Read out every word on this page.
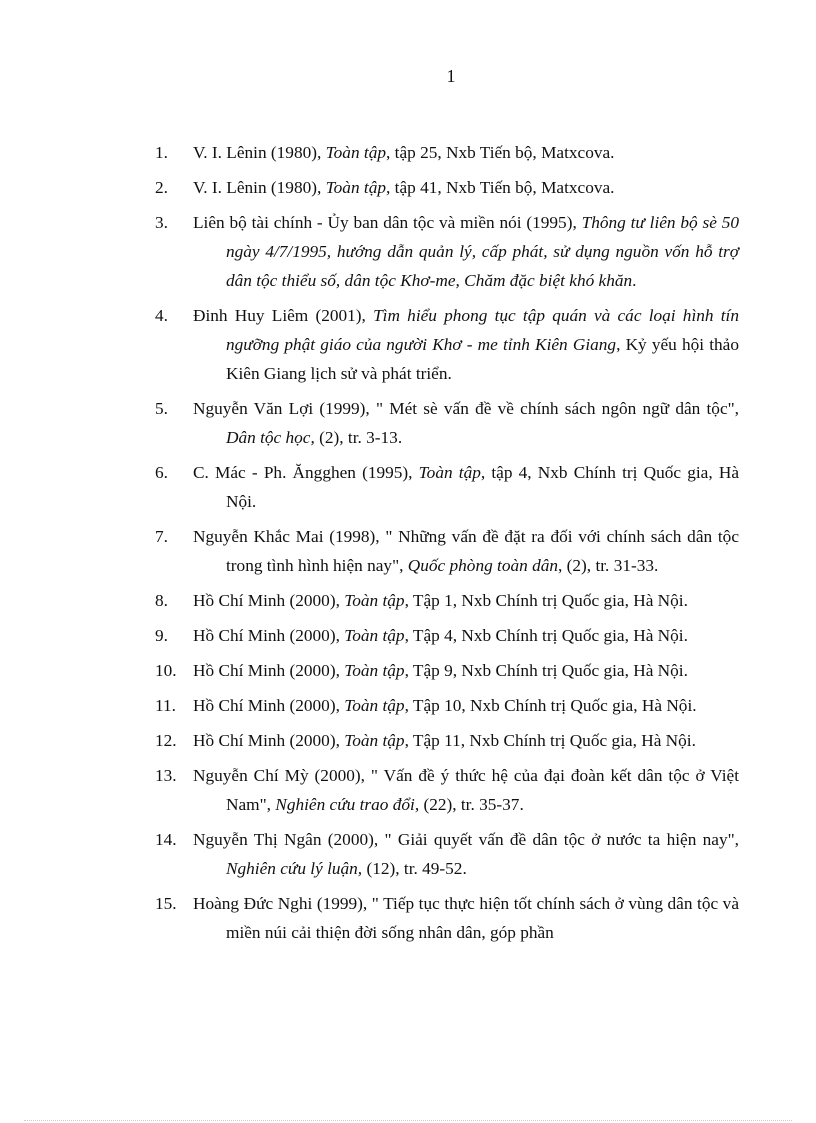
1
1.	V. I. Lênin (1980), Toàn tập, tập 25, Nxb Tiến bộ, Matxcova.
2.	V. I. Lênin (1980), Toàn tập, tập 41, Nxb Tiến bộ, Matxcova.
3.	Liên bộ tài chính - Ủy ban dân tộc và miền nói (1995), Thông tư liên bộ sè 50 ngày 4/7/1995, hướng dẫn quản lý, cấp phát, sử dụng nguồn vốn hỗ trợ dân tộc thiểu số, dân tộc Khơ-me, Chăm đặc biệt khó khăn.
4.	Đinh Huy Liêm (2001), Tìm hiểu phong tục tập quán và các loại hình tín ngưỡng phật giáo của người Khơ - me tỉnh Kiên Giang, Kỷ yếu hội thảo Kiên Giang lịch sử và phát triển.
5.	Nguyễn Văn Lợi (1999), " Mét sè vấn đề về chính sách ngôn ngữ dân tộc", Dân tộc học, (2), tr. 3-13.
6.	C. Mác - Ph. Ăngghen (1995), Toàn tập, tập 4, Nxb Chính trị Quốc gia, Hà Nội.
7.	Nguyễn Khắc Mai (1998), " Những vấn đề đặt ra đối với chính sách dân tộc trong tình hình hiện nay", Quốc phòng toàn dân, (2), tr. 31-33.
8.	Hồ Chí Minh (2000), Toàn tập, Tập 1, Nxb Chính trị Quốc gia, Hà Nội.
9.	Hồ Chí Minh (2000), Toàn tập, Tập 4, Nxb Chính trị Quốc gia, Hà Nội.
10. Hồ Chí Minh (2000), Toàn tập, Tập 9, Nxb Chính trị Quốc gia, Hà Nội.
11. Hồ Chí Minh (2000), Toàn tập, Tập 10, Nxb Chính trị Quốc gia, Hà Nội.
12. Hồ Chí Minh (2000), Toàn tập, Tập 11, Nxb Chính trị Quốc gia, Hà Nội.
13. Nguyễn Chí Mỳ (2000), " Vấn đề ý thức hệ của đại đoàn kết dân tộc ở Việt Nam", Nghiên cứu trao đổi, (22), tr. 35-37.
14. Nguyễn Thị Ngân (2000), " Giải quyết vấn đề dân tộc ở nước ta hiện nay", Nghiên cứu lý luận, (12), tr. 49-52.
15. Hoàng Đức Nghi (1999), " Tiếp tục thực hiện tốt chính sách ở vùng dân tộc và miền núi cải thiện đời sống nhân dân, góp phần
